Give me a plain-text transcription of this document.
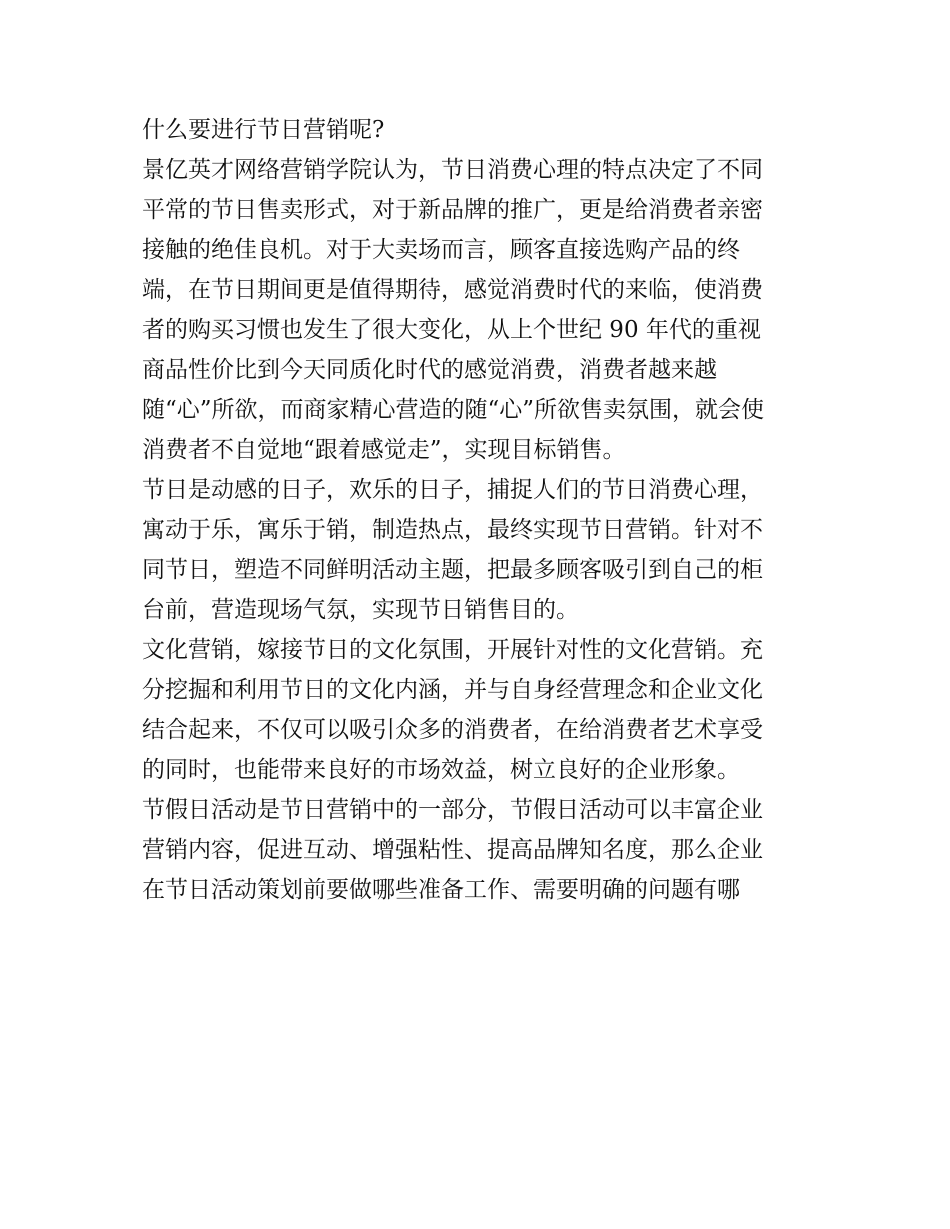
什么要进行节日营销呢?
景亿英才网络营销学院认为，节日消费心理的特点决定了不同
平常的节日售卖形式，对于新品牌的推广，更是给消费者亲密
接触的绝佳良机。对于大卖场而言，顾客直接选购产品的终
端，在节日期间更是值得期待，感觉消费时代的来临，使消费
者的购买习惯也发生了很大变化，从上个世纪 90 年代的重视
商品性价比到今天同质化时代的感觉消费，消费者越来越
随“心”所欲，而商家精心营造的随“心”所欲售卖氛围，就会使
消费者不自觉地“跟着感觉走”，实现目标销售。
节日是动感的日子，欢乐的日子，捕捉人们的节日消费心理，
寓动于乐，寓乐于销，制造热点，最终实现节日营销。针对不
同节日，塑造不同鲜明活动主题，把最多顾客吸引到自己的柜
台前，营造现场气氛，实现节日销售目的。
文化营销，嫁接节日的文化氛围，开展针对性的文化营销。充
分挖掘和利用节日的文化内涵，并与自身经营理念和企业文化
结合起来，不仅可以吸引众多的消费者，在给消费者艺术享受
的同时，也能带来良好的市场效益，树立良好的企业形象。
节假日活动是节日营销中的一部分，节假日活动可以丰富企业
营销内容，促进互动、增强粘性、提高品牌知名度，那么企业
在节日活动策划前要做哪些准备工作、需要明确的问题有哪
